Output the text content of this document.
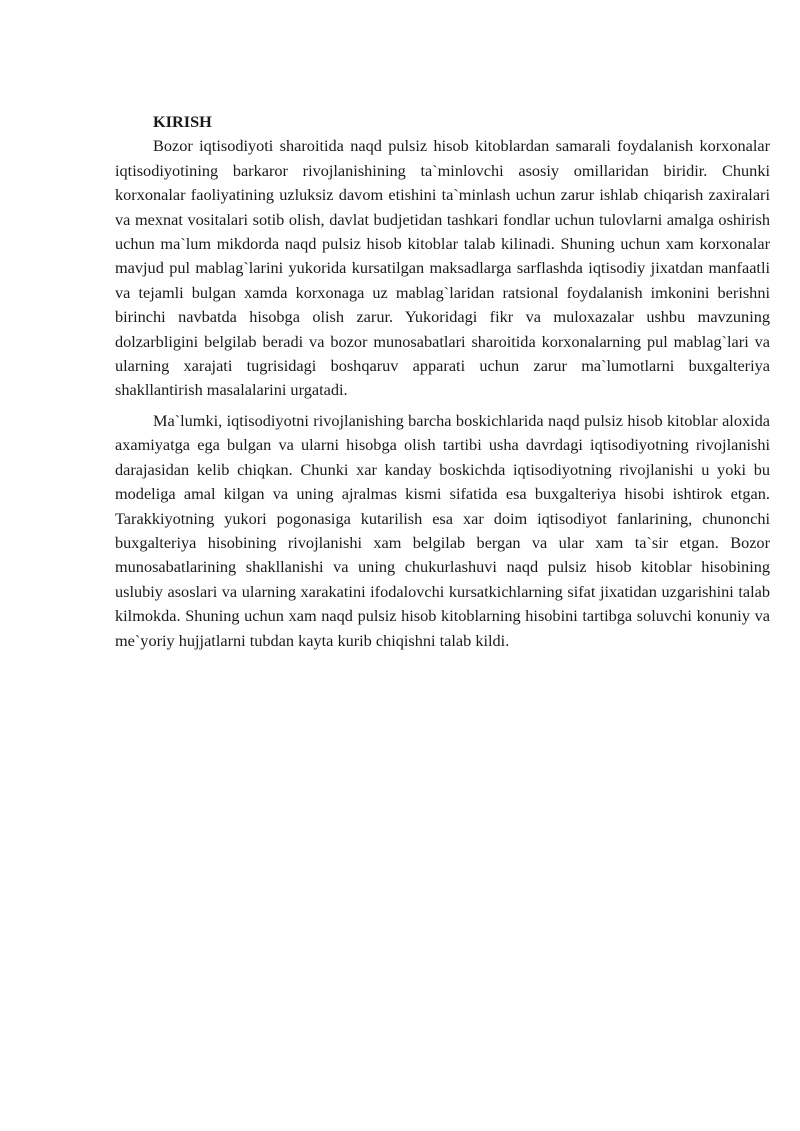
KIRISH

Bozor iqtisodiyoti sharoitida naqd pulsiz hisob kitoblardan samarali foydalanish korxonalar iqtisodiyotining barkaror rivojlanishining ta`minlovchi asosiy omillaridan biridir. Chunki korxonalar faoliyatining uzluksiz davom etishini ta`minlash uchun zarur ishlab chiqarish zaxiralari va mexnat vositalari sotib olish, davlat budjetidan tashkari fondlar uchun tulovlarni amalga oshirish uchun ma`lum mikdorda naqd pulsiz hisob kitoblar talab kilinadi. Shuning uchun xam korxonalar mavjud pul mablag`larini yukorida kursatilgan maksadlarga sarflashda iqtisodiy jixatdan manfaatli va tejamli bulgan xamda korxonaga uz mablag`laridan ratsional foydalanish imkonini berishni birinchi navbatda hisobga olish zarur. Yukoridagi fikr va muloxazalar ushbu mavzuning dolzarbligini belgilab beradi va bozor munosabatlari sharoitida korxonalarning pul mablag`lari va ularning xarajati tugrisidagi boshqaruv apparati uchun zarur ma`lumotlarni buxgalteriya shakllantirish masalalarini urgatadi.

Ma`lumki, iqtisodiyotni rivojlanishing barcha boskichlarida naqd pulsiz hisob kitoblar aloxida axamiyatga ega bulgan va ularni hisobga olish tartibi usha davrdagi iqtisodiyotning rivojlanishi darajasidan kelib chiqkan. Chunki xar kanday boskichda iqtisodiyotning rivojlanishi u yoki bu modeliga amal kilgan va uning ajralmas kismi sifatida esa buxgalteriya hisobi ishtirok etgan. Tarakkiyotning yukori pogonasiga kutarilish esa xar doim iqtisodiyot fanlarining, chunonchi buxgalteriya hisobining rivojlanishi xam belgilab bergan va ular xam ta`sir etgan. Bozor munosabatlarining shakllanishi va uning chukurlashuvi naqd pulsiz hisob kitoblar hisobining uslubiy asoslari va ularning xarakatini ifodalovchi kursatkichlarning sifat jixatidan uzgarishini talab kilmokda. Shuning uchun xam naqd pulsiz hisob kitoblarning hisobini tartibga soluvchi konuniy va me`yoriy hujjatlarni tubdan kayta kurib chiqishni talab kildi.
